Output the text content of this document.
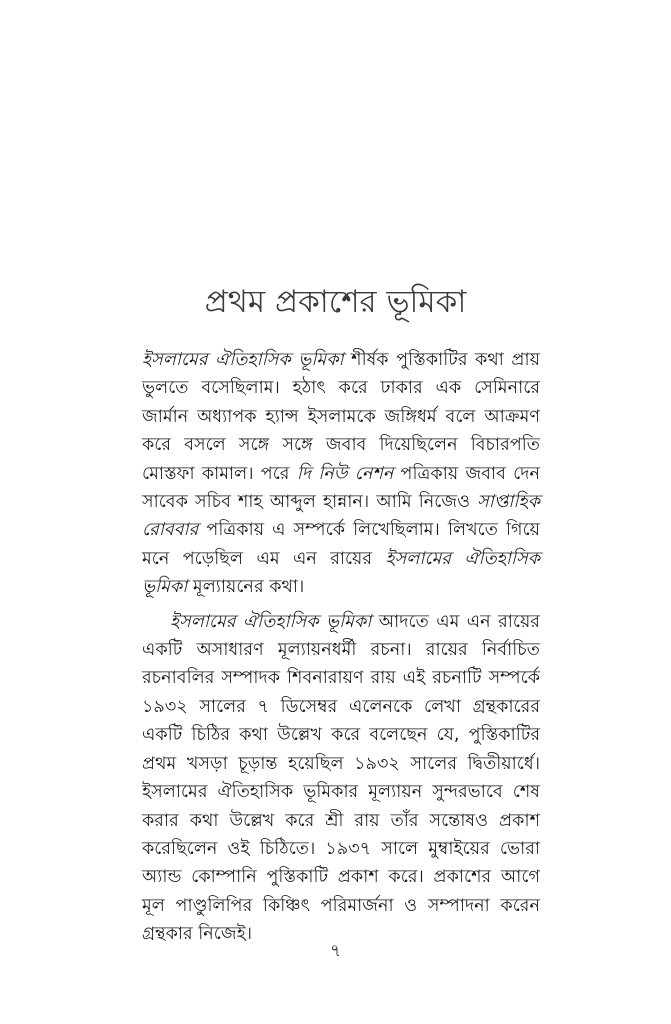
প্রথম প্রকাশের ভূমিকা

ইসলামের ঐতিহাসিক ভূমিকা শীর্ষক পুস্তিকাটির কথা প্রায় ভুলতে বসেছিলাম। হঠাৎ করে ঢাকার এক সেমিনারে জার্মান অধ্যাপক হ্যান্স ইসলামকে জঙ্গিধর্ম বলে আক্রমণ করে বসলে সঙ্গে সঙ্গে জবাব দিয়েছিলেন বিচারপতি মোস্তফা কামাল। পরে দি নিউ নেশন পত্রিকায় জবাব দেন সাবেক সচিব শাহ আব্দুল হান্নান। আমি নিজেও সাপ্তাহিক রোববার পত্রিকায় এ সম্পর্কে লিখেছিলাম। লিখতে গিয়ে মনে পড়েছিল এম এন রায়ের ইসলামের ঐতিহাসিক ভূমিকা মূল্যায়নের কথা।

ইসলামের ঐতিহাসিক ভূমিকা আদতে এম এন রায়ের একটি অসাধারণ মূল্যায়নধর্মী রচনা। রায়ের নির্বাচিত রচনাবলির সম্পাদক শিবনারায়ণ রায় এই রচনাটি সম্পর্কে ১৯৩২ সালের ৭ ডিসেম্বর এলেনকে লেখা গ্রন্থকারের একটি চিঠির কথা উল্লেখ করে বলেছেন যে, পুস্তিকাটির প্রথম খসড়া চূড়ান্ত হয়েছিল ১৯৩২ সালের দ্বিতীয়ার্ধে। ইসলামের ঐতিহাসিক ভূমিকার মূল্যায়ন সুন্দরভাবে শেষ করার কথা উল্লেখ করে শ্রী রায় তাঁর সন্তোষও প্রকাশ করেছিলেন ওই চিঠিতে। ১৯৩৭ সালে মুম্বাইয়ের ভোরা অ্যান্ড কোম্পানি পুস্তিকাটি প্রকাশ করে। প্রকাশের আগে মূল পাণ্ডুলিপির কিঞ্চিৎ পরিমার্জনা ও সম্পাদনা করেন গ্রন্থকার নিজেই।

৭
